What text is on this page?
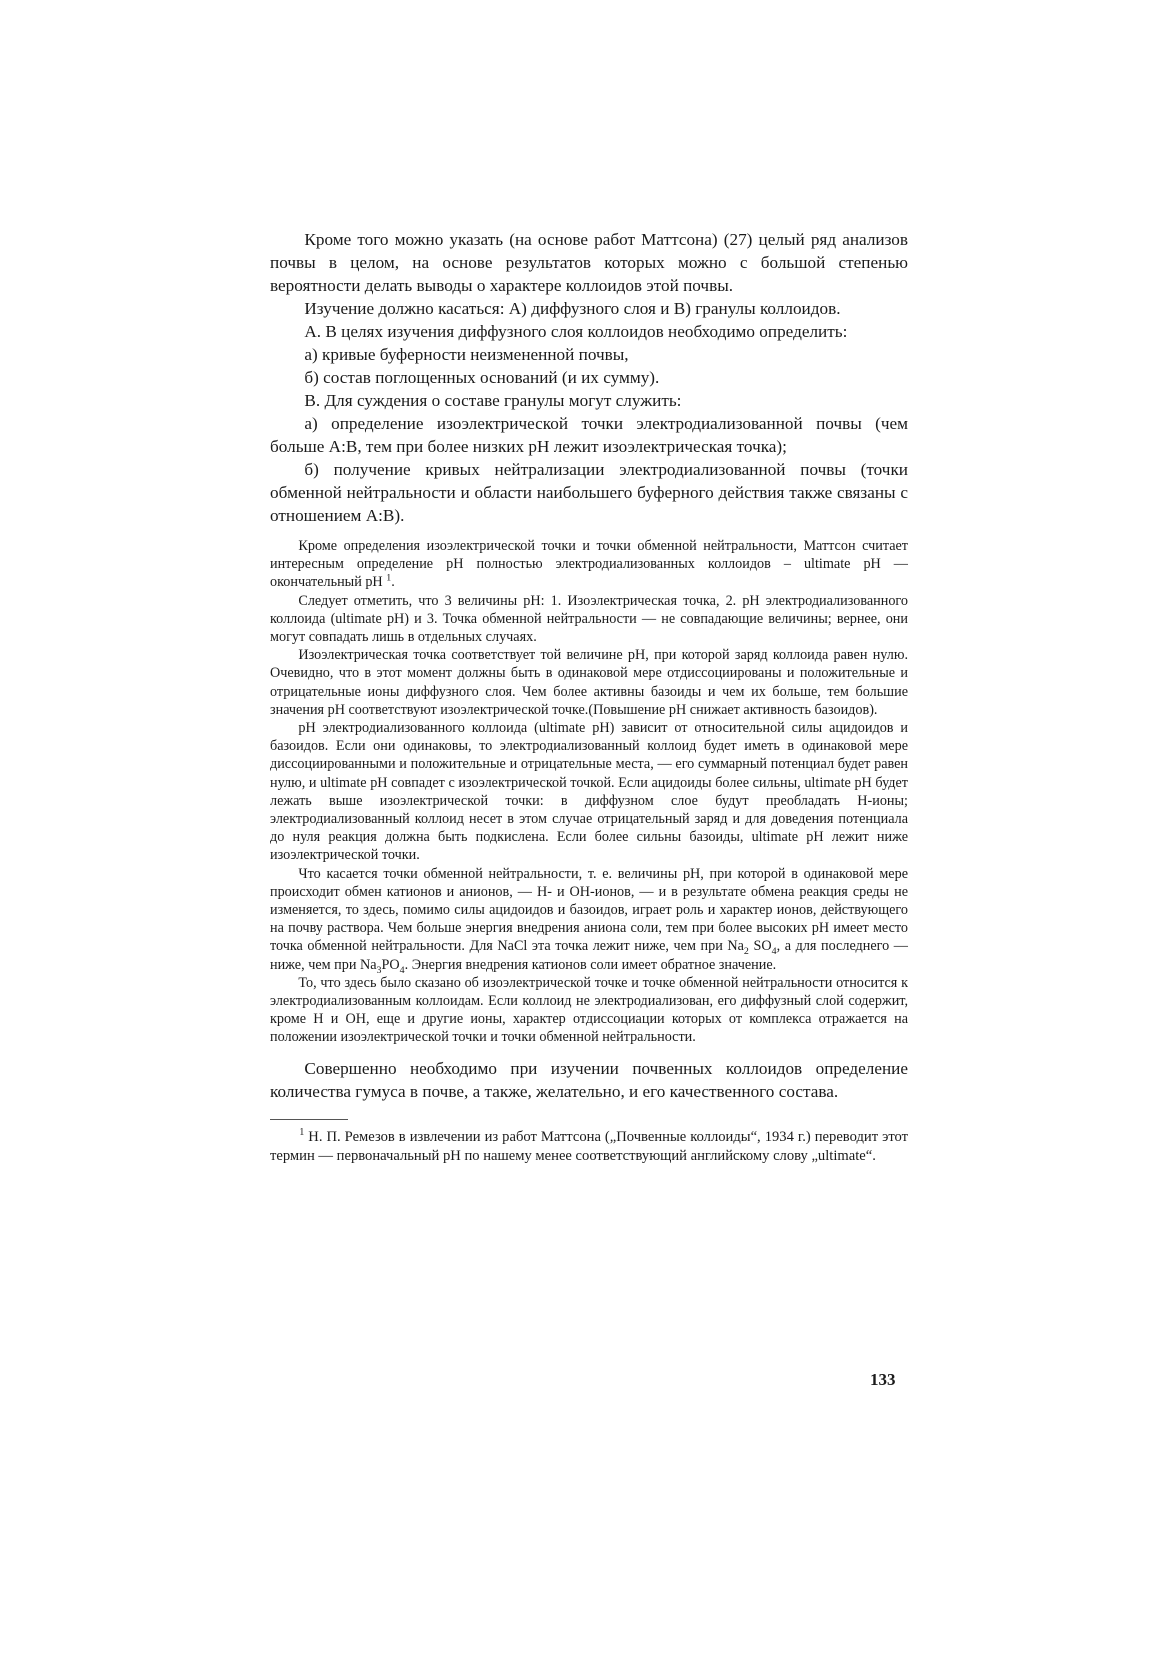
Кроме того можно указать (на основе работ Маттсона) (27) целый ряд анализов почвы в целом, на основе результатов которых можно с большой степенью вероятности делать выводы о характере коллоидов этой почвы.

Изучение должно касаться: А) диффузного слоя и В) гранулы коллоидов.

А. В целях изучения диффузного слоя коллоидов необходимо определить:

а) кривые буферности неизмененной почвы,

б) состав поглощенных оснований (и их сумму).

В. Для суждения о составе гранулы могут служить:

а) определение изоэлектрической точки электродиализованной почвы (чем больше А:В, тем при более низких рН лежит изоэлектрическая точка);

б) получение кривых нейтрализации электродиализованной почвы (точки обменной нейтральности и области наибольшего буферного действия также связаны с отношением А:В).

Кроме определения изоэлектрической точки и точки обменной нейтральности, Маттсон считает интересным определение рН полностью электродиализованных коллоидов – ultimate рН — окончательный рН $^1$.

Следует отметить, что 3 величины рН: 1. Изоэлектрическая точка, 2. рН электродиализованного коллоида (ultimate рН) и 3. Точка обменной нейтральности — не совпадающие величины; вернее, они могут совпадать лишь в отдельных случаях.

Изоэлектрическая точка соответствует той величине рН, при которой заряд коллоида равен нулю. Очевидно, что в этот момент должны быть в одинаковой мере отдиссоциированы и положительные и отрицательные ионы диффузного слоя. Чем более активны базоиды и чем их больше, тем большие значения рН соответствуют изоэлектрической точке.(Повышение рН снижает активность базоидов).

рН электродиализованного коллоида (ultimate рН) зависит от относительной силы ацидоидов и базоидов. Если они одинаковы, то электродиализованный коллоид будет иметь в одинаковой мере диссоциированными и положительные и отрицательные места, — его суммарный потенциал будет равен нулю, и ultimate рН совпадет с изоэлектрической точкой. Если ацидоиды более сильны, ultimate рН будет лежать выше изоэлектрической точки: в диффузном слое будут преобладать Н-ионы; электродиализованный коллоид несет в этом случае отрицательный заряд и для доведения потенциала до нуля реакция должна быть подкислена. Если более сильны базоиды, ultimate рН лежит ниже изоэлектрической точки.

Что касается точки обменной нейтральности, т. е. величины рН, при которой в одинаковой мере происходит обмен катионов и анионов, — Н- и ОН-ионов, — и в результате обмена реакция среды не изменяется, то здесь, помимо силы ацидоидов и базоидов, играет роль и характер ионов, действующего на почву раствора. Чем больше энергия внедрения аниона соли, тем при более высоких рН имеет место точка обменной нейтральности. Для NaCl эта точка лежит ниже, чем при $Na_2$ $SO_4$, а для последнего — ниже, чем при $Na_3PO_4$. Энергия внедрения катионов соли имеет обратное значение.

То, что здесь было сказано об изоэлектрической точке и точке обменной нейтральности относится к электродиализованным коллоидам. Если коллоид не электродиализован, его диффузный слой содержит, кроме Н и ОН, еще и другие ионы, характер отдиссоциации которых от комплекса отражается на положении изоэлектрической точки и точки обменной нейтральности.

Совершенно необходимо при изучении почвенных коллоидов определение количества гумуса в почве, а также, желательно, и его качественного состава.

$^1$ Н. П. Ремезов в извлечении из работ Маттсона („Почвенные коллоиды“, 1934 г.) переводит этот термин — первоначальный рН по нашему менее соответствующий английскому слову „ultimate“.

133
